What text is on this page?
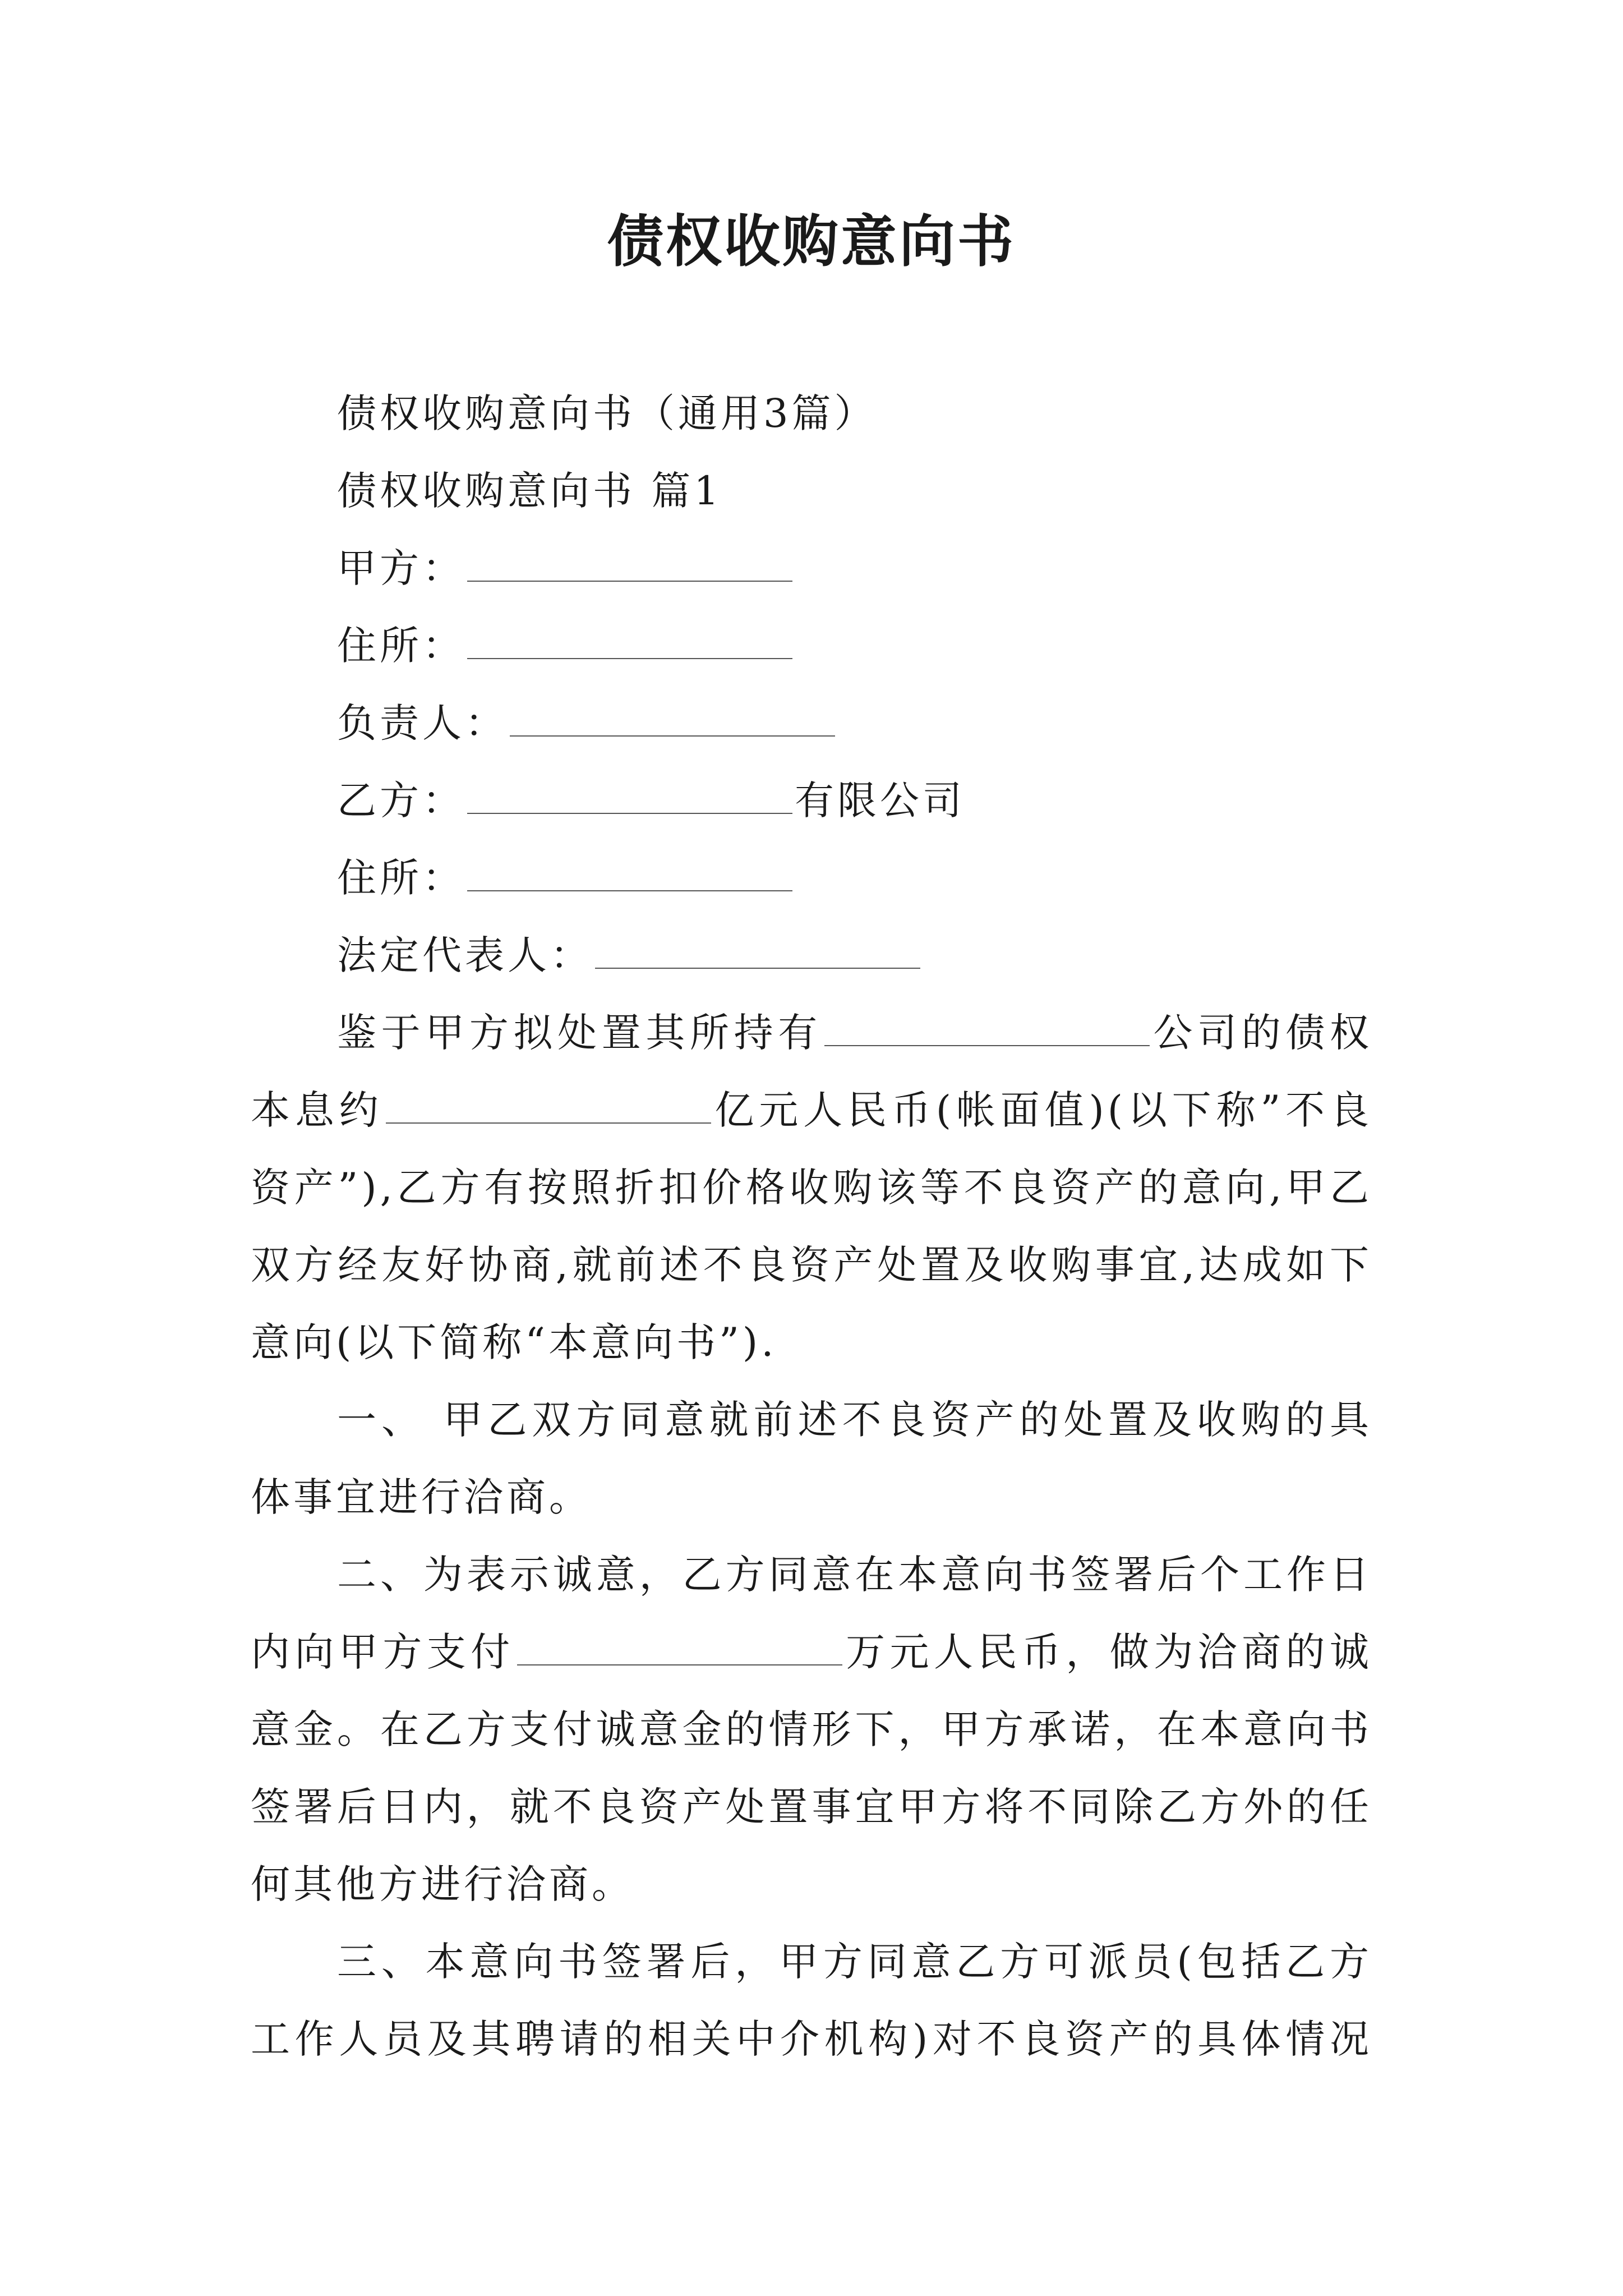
债权收购意向书
债权收购意向书（通用3篇）
债权收购意向书 篇1
甲方：
住所：
负责人：
乙方：	有限公司
住所：
法定代表人：

鉴于甲方拟处置其所持有	公司的债权本息约	亿元人民币(帐面值)(以下称”不良资产”),乙方有按照折扣价格收购该等不良资产的意向,甲乙双方经友好协商,就前述不良资产处置及收购事宜,达成如下意向(以下简称“本意向书”).

一、 甲乙双方同意就前述不良资产的处置及收购的具体事宜进行洽商。

二、为表示诚意，乙方同意在本意向书签署后个工作日内向甲方支付	万元人民币，做为洽商的诚意金。在乙方支付诚意金的情形下，甲方承诺，在本意向书签署后日内，就不良资产处置事宜甲方将不同除乙方外的任何其他方进行洽商。

三、本意向书签署后，甲方同意乙方可派员(包括乙方工作人员及其聘请的相关中介机构)对不良资产的具体情况
